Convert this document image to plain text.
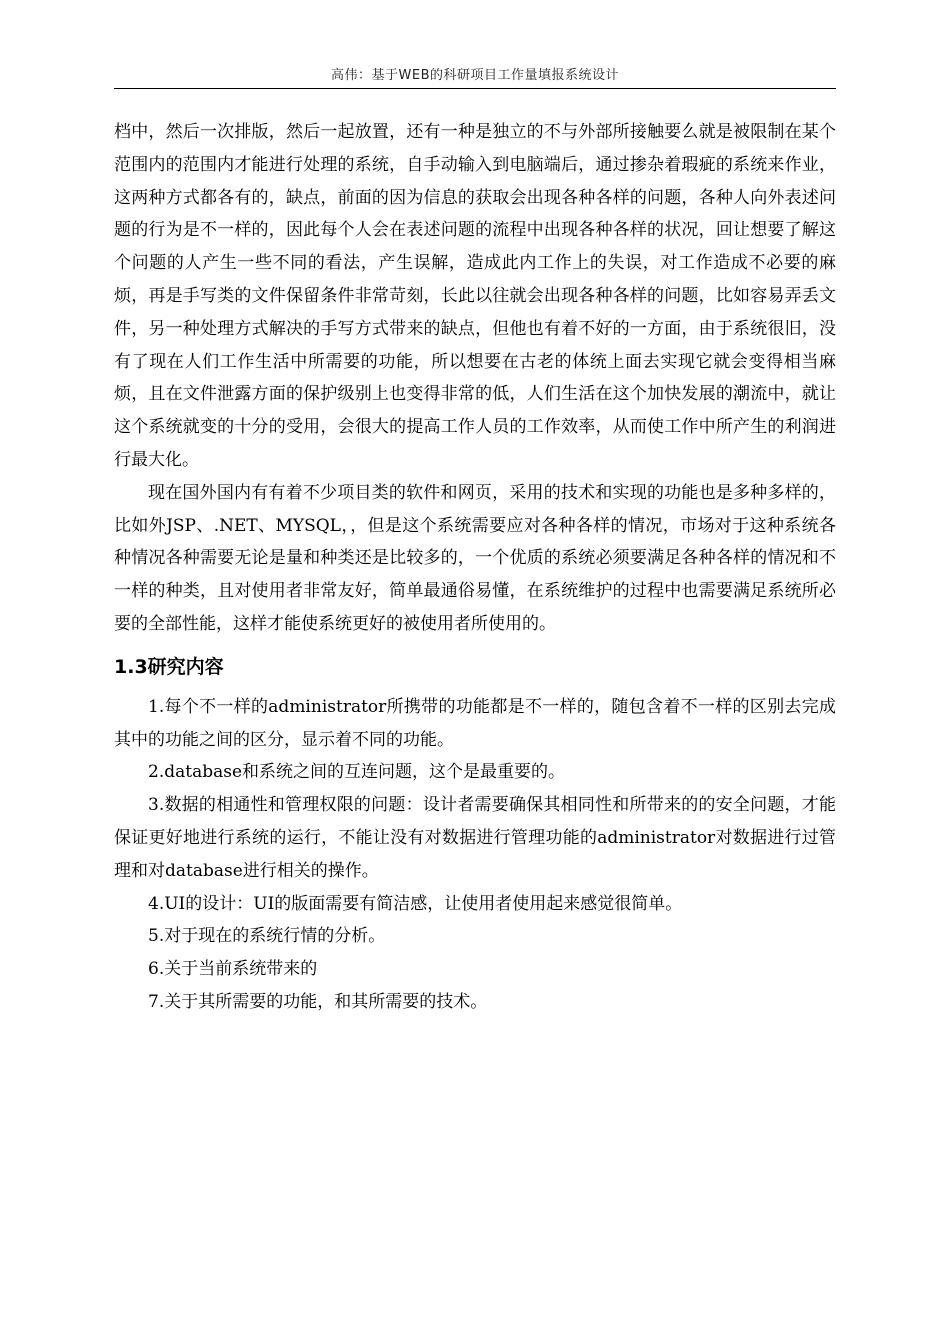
高伟：基于WEB的科研项目工作量填报系统设计

档中，然后一次排版，然后一起放置，还有一种是独立的不与外部所接触要么就是被限制在某个范围内的范围内才能进行处理的系统，自手动输入到电脑端后，通过掺杂着瑕疵的系统来作业，这两种方式都各有的，缺点，前面的因为信息的获取会出现各种各样的问题，各种人向外表述问题的行为是不一样的，因此每个人会在表述问题的流程中出现各种各样的状况，回让想要了解这个问题的人产生一些不同的看法，产生误解，造成此内工作上的失误，对工作造成不必要的麻烦，再是手写类的文件保留条件非常苛刻，长此以往就会出现各种各样的问题，比如容易弄丢文件，另一种处理方式解决的手写方式带来的缺点，但他也有着不好的一方面，由于系统很旧，没有了现在人们工作生活中所需要的功能，所以想要在古老的体统上面去实现它就会变得相当麻烦，且在文件泄露方面的保护级别上也变得非常的低，人们生活在这个加快发展的潮流中，就让这个系统就变的十分的受用，会很大的提高工作人员的工作效率，从而使工作中所产生的利润进行最大化。

现在国外国内有有着不少项目类的软件和网页，采用的技术和实现的功能也是多种多样的，比如外JSP、.NET、MYSQL，，但是这个系统需要应对各种各样的情况，市场对于这种系统各种情况各种需要无论是量和种类还是比较多的，一个优质的系统必须要满足各种各样的情况和不一样的种类，且对使用者非常友好，简单最通俗易懂，在系统维护的过程中也需要满足系统所必要的全部性能，这样才能使系统更好的被使用者所使用的。

1.3研究内容

1.每个不一样的administrator所携带的功能都是不一样的，随包含着不一样的区别去完成其中的功能之间的区分，显示着不同的功能。

2.database和系统之间的互连问题，这个是最重要的。

3.数据的相通性和管理权限的问题：设计者需要确保其相同性和所带来的的安全问题，才能保证更好地进行系统的运行，不能让没有对数据进行管理功能的administrator对数据进行过管理和对database进行相关的操作。

4.UI的设计：UI的版面需要有简洁感，让使用者使用起来感觉很简单。

5.对于现在的系统行情的分析。

6.关于当前系统带来的

7.关于其所需要的功能，和其所需要的技术。
